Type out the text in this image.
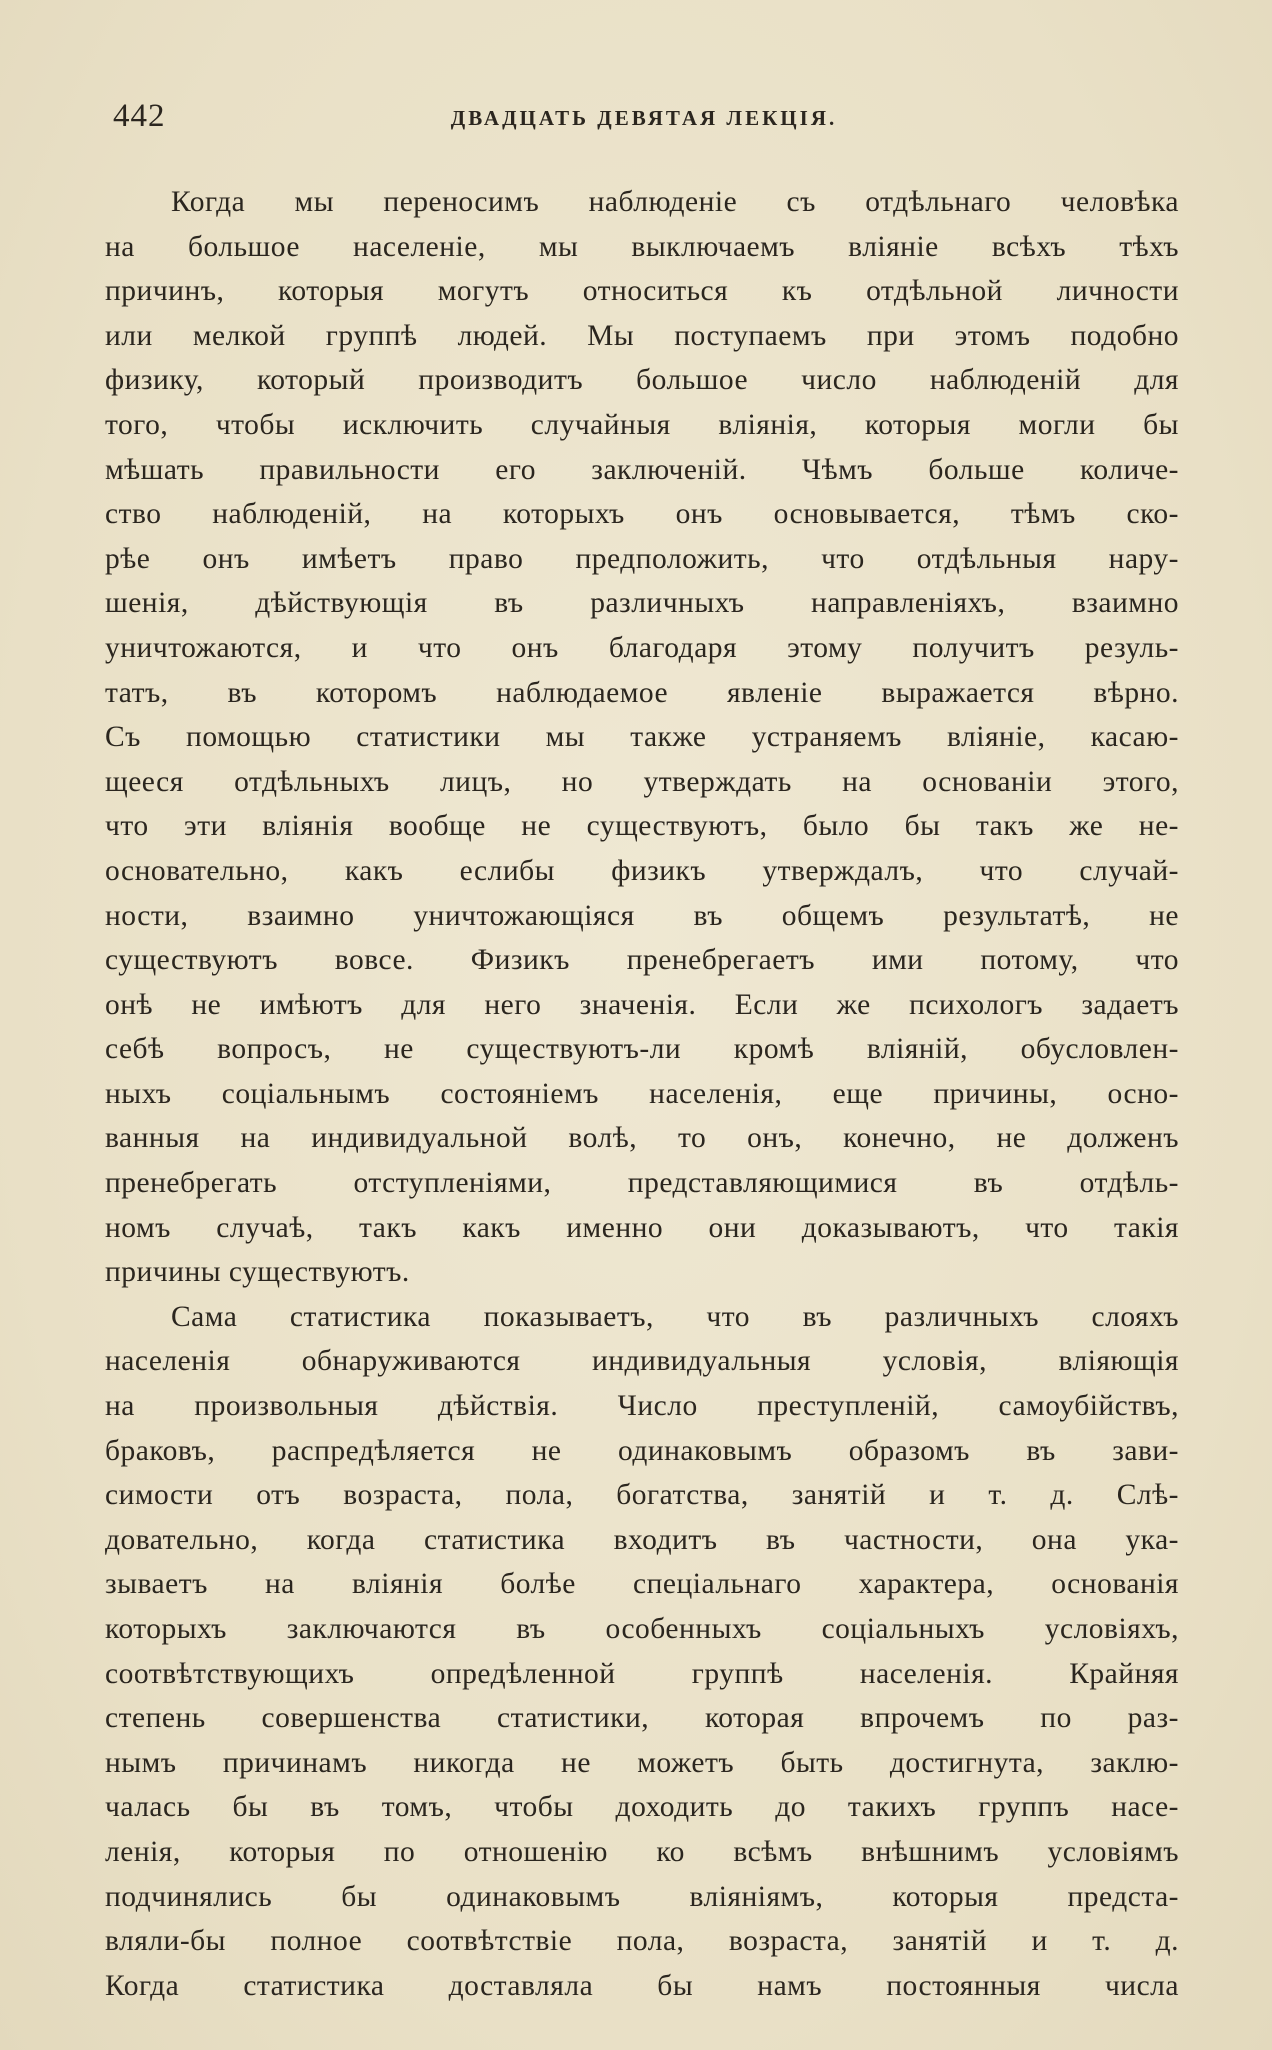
442	ДВАДЦАТЬ ДЕВЯТАЯ ЛЕКЦІЯ.
Когда мы переносимъ наблюденіе съ отдѣльнаго человѣка
на большое населеніе, мы выключаемъ вліяніе всѣхъ тѣхъ
причинъ, которыя могутъ относиться къ отдѣльной личности
или мелкой группѣ людей. Мы поступаемъ при этомъ подобно
физику, который производитъ большое число наблюденій для
того, чтобы исключить случайныя вліянія, которыя могли бы
мѣшать правильности его заключеній. Чѣмъ больше количе-
ство наблюденій, на которыхъ онъ основывается, тѣмъ ско-
рѣе онъ имѣетъ право предположить, что отдѣльныя нару-
шенія, дѣйствующія въ различныхъ направленіяхъ, взаимно
уничтожаются, и что онъ благодаря этому получитъ резуль-
татъ, въ которомъ наблюдаемое явленіе выражается вѣрно.
Съ помощью статистики мы также устраняемъ вліяніе, касаю-
щееся отдѣльныхъ лицъ, но утверждать на основаніи этого,
что эти вліянія вообще не существуютъ, было бы такъ же не-
основательно, какъ еслибы физикъ утверждалъ, что случай-
ности, взаимно уничтожающіяся въ общемъ результатѣ, не
существуютъ вовсе. Физикъ пренебрегаетъ ими потому, что
онѣ не имѣютъ для него значенія. Если же психологъ задаетъ
себѣ вопросъ, не существуютъ-ли кромѣ вліяній, обусловлен-
ныхъ соціальнымъ состояніемъ населенія, еще причины, осно-
ванныя на индивидуальной волѣ, то онъ, конечно, не долженъ
пренебрегать отступленіями, представляющимися въ отдѣль-
номъ случаѣ, такъ какъ именно они доказываютъ, что такія
причины существуютъ.
Сама статистика показываетъ, что въ различныхъ слояхъ
населенія обнаруживаются индивидуальныя условія, вліяющія
на произвольныя дѣйствія. Число преступленій, самоубійствъ,
браковъ, распредѣляется не одинаковымъ образомъ въ зави-
симости отъ возраста, пола, богатства, занятій и т. д. Слѣ-
довательно, когда статистика входитъ въ частности, она ука-
зываетъ на вліянія болѣе спеціальнаго характера, основанія
которыхъ заключаются въ особенныхъ соціальныхъ условіяхъ,
соотвѣтствующихъ опредѣленной группѣ населенія. Крайняя
степень совершенства статистики, которая впрочемъ по раз-
нымъ причинамъ никогда не можетъ быть достигнута, заклю-
чалась бы въ томъ, чтобы доходить до такихъ группъ насе-
ленія, которыя по отношенію ко всѣмъ внѣшнимъ условіямъ
подчинялись бы одинаковымъ вліяніямъ, которыя предста-
вляли-бы полное соотвѣтствіе пола, возраста, занятій и т. д.
Когда статистика доставляла бы намъ постоянныя числа
